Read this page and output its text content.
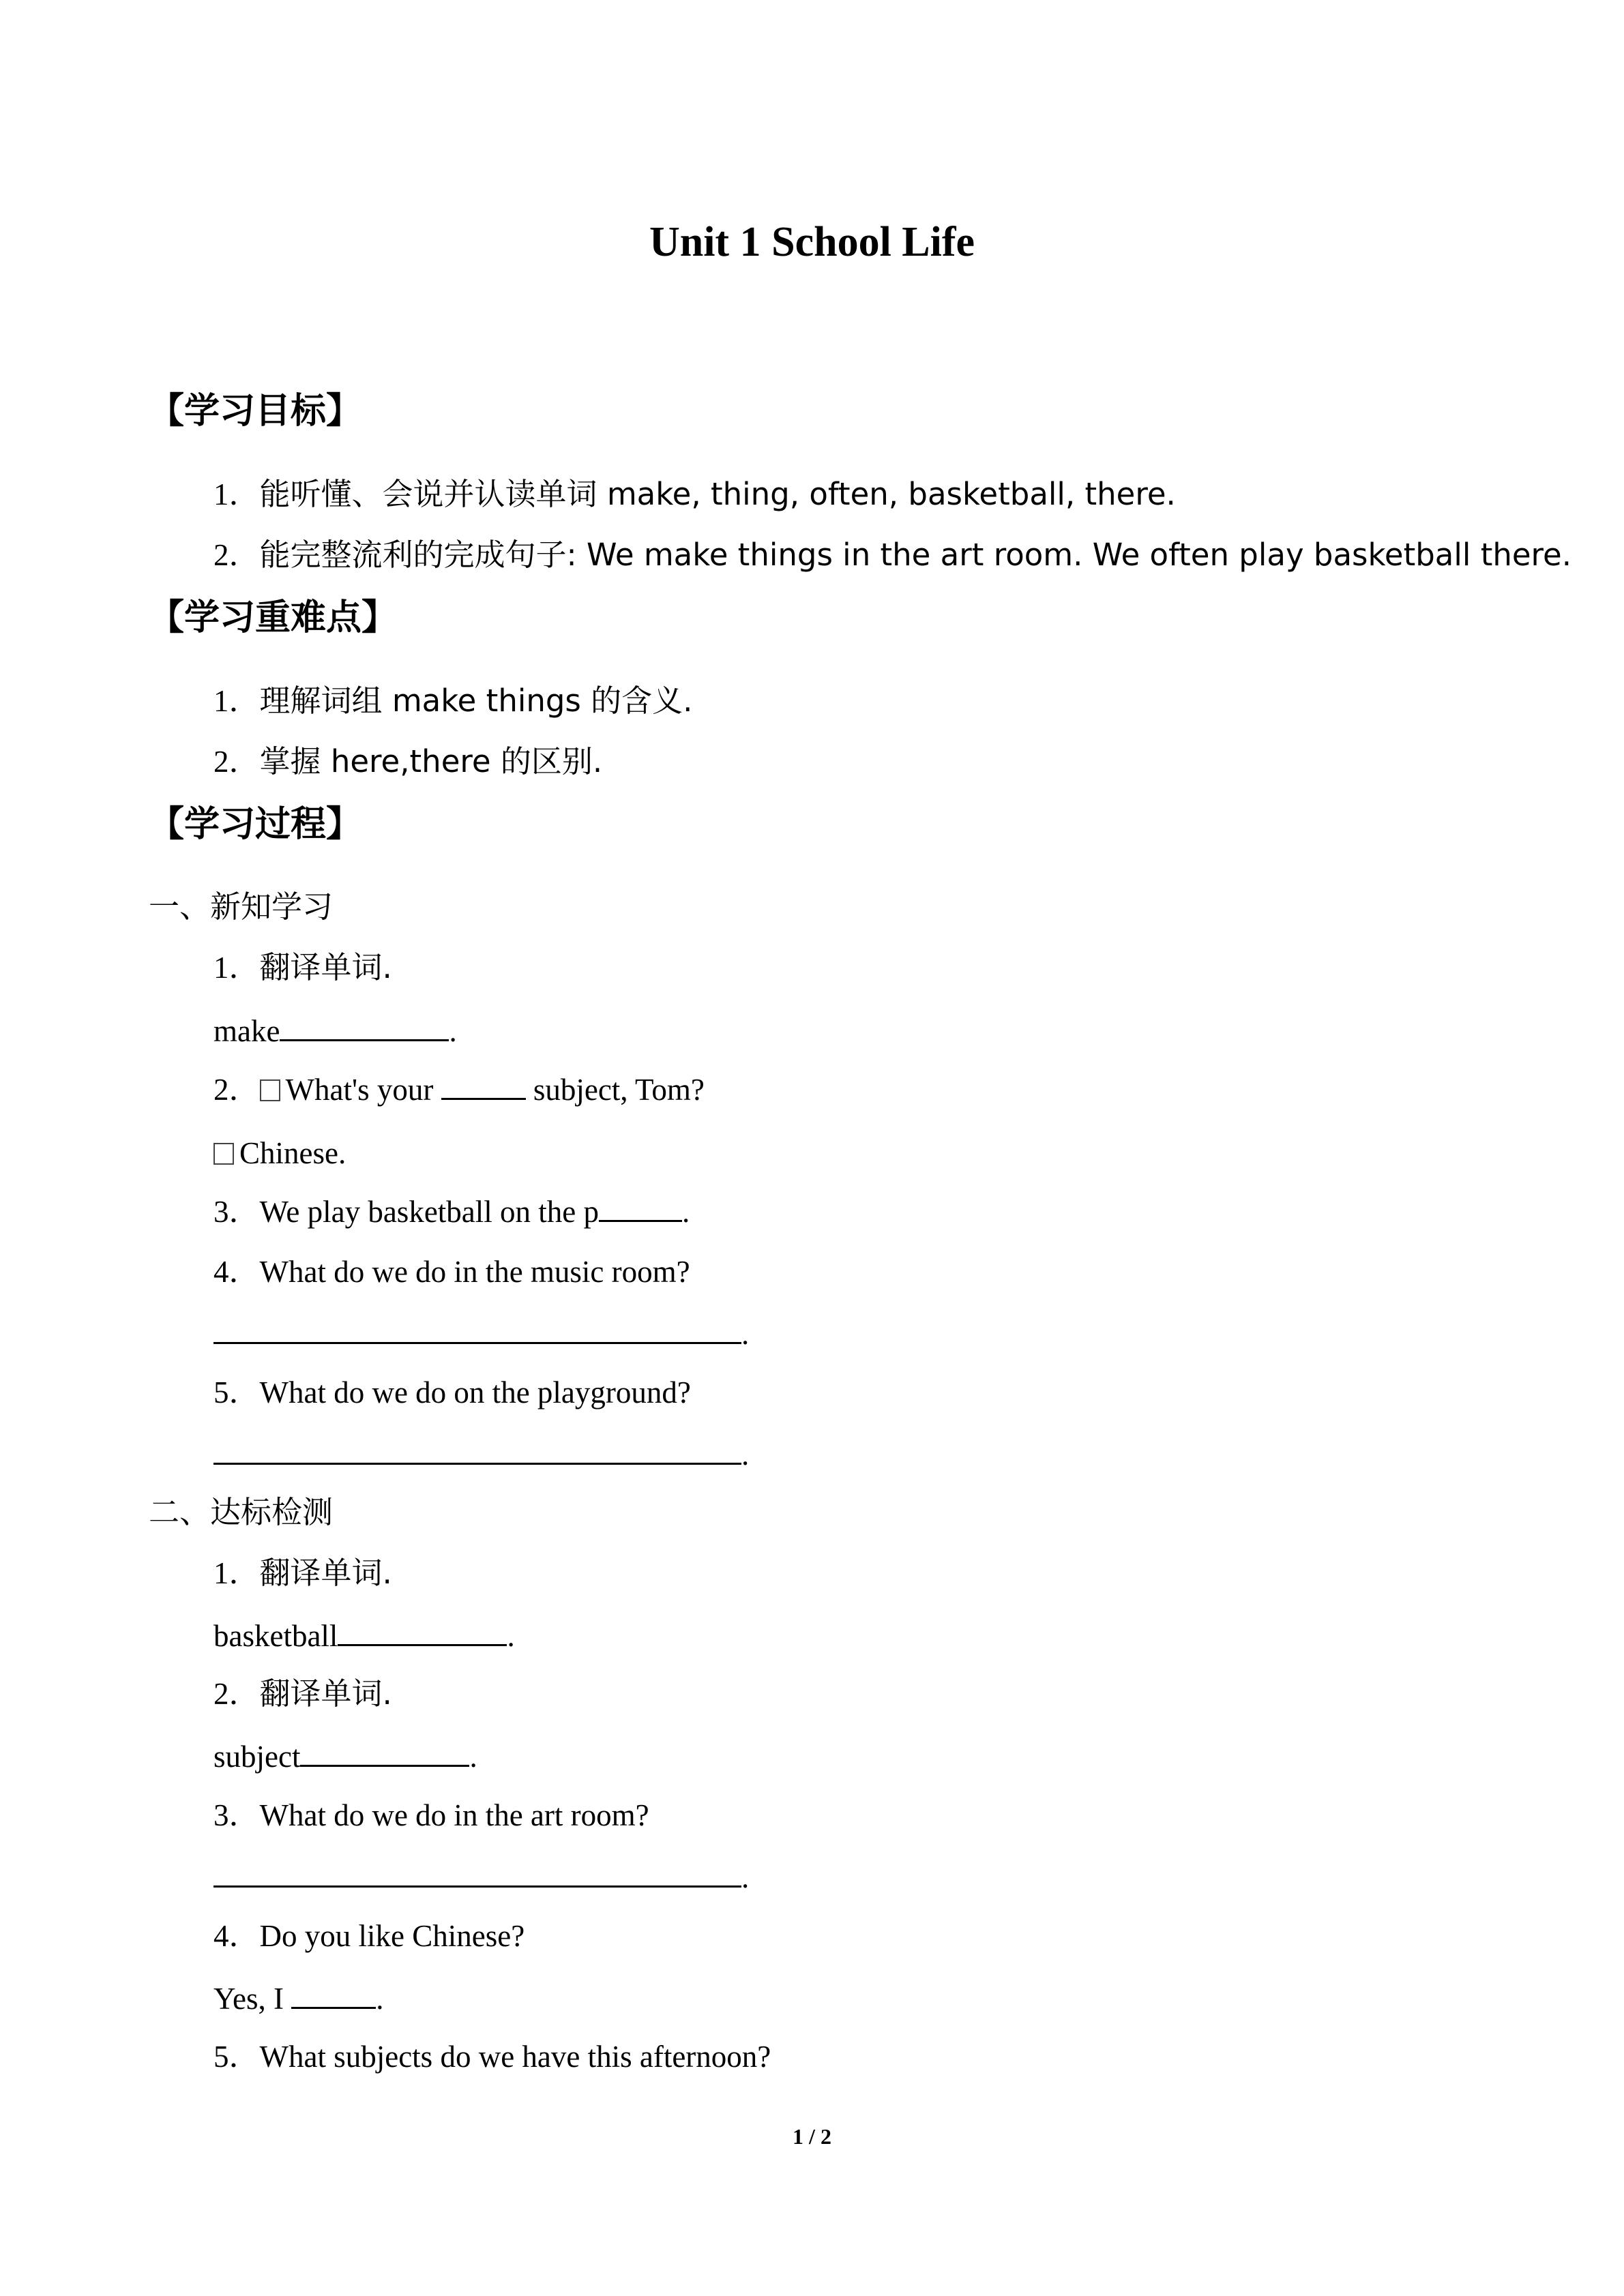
Unit 1 School Life
【学习目标】
1．能听懂、会说并认读单词 make, thing, often, basketball, there.
2．能完整流利的完成句子: We make things in the art room. We often play basketball there.
【学习重难点】
1．理解词组 make things 的含义.
2．掌握 here,there 的区别.
【学习过程】
一、新知学习
1．翻译单词.
make	.
2． What's your	subject, Tom?
Chinese.
3．We play basketball on the p	.
4．What do we do in the music room?
.
5．What do we do on the playground?
.
二、达标检测
1．翻译单词.
basketball	.
2．翻译单词.
subject	.
3．What do we do in the art room?
.
4．Do you like Chinese?
Yes, I	.
5．What subjects do we have this afternoon?
1 / 2
